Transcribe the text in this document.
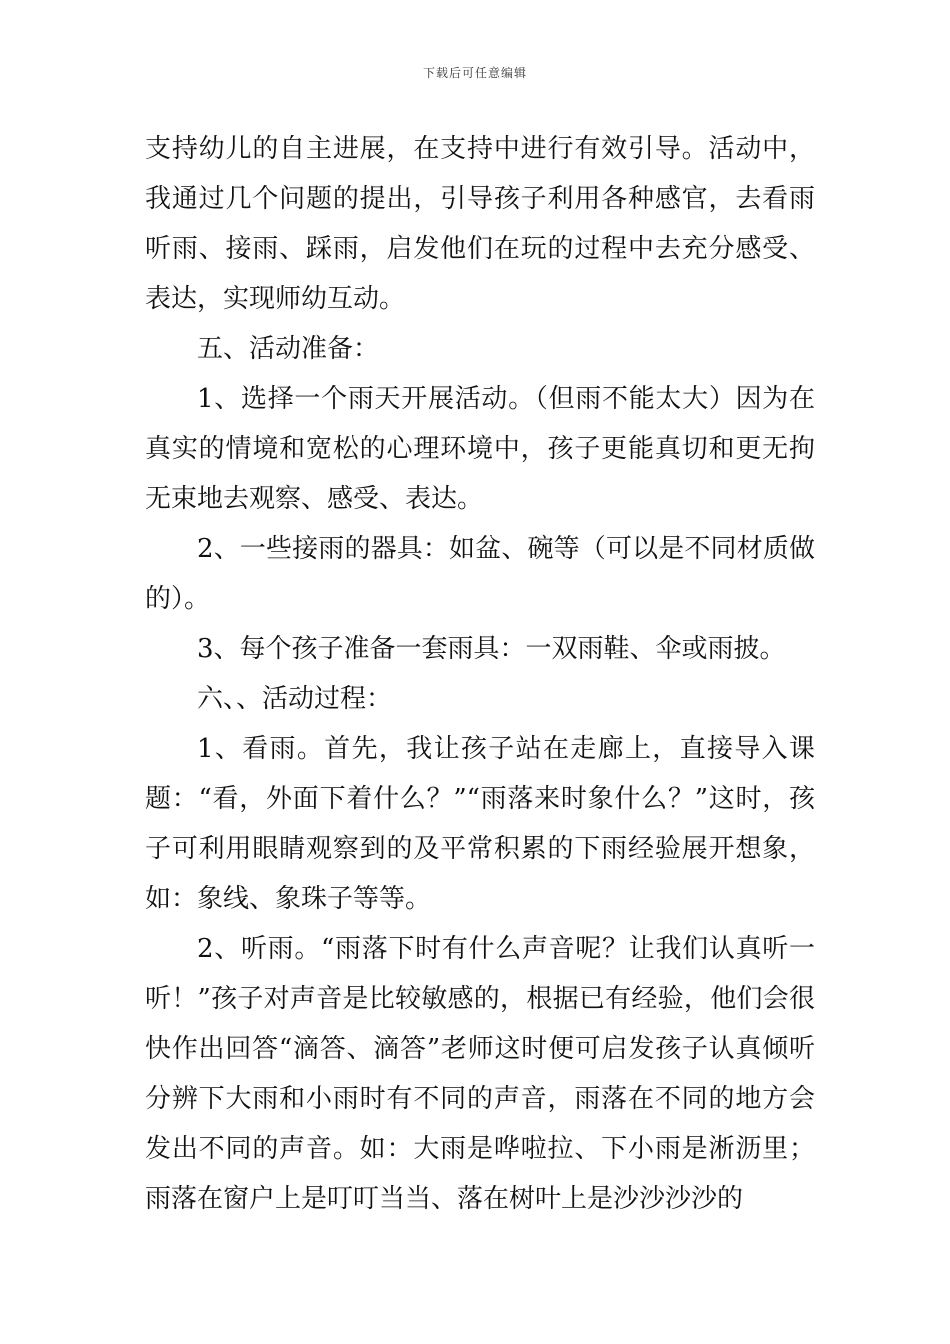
下载后可任意编辑

支持幼儿的自主进展，在支持中进行有效引导。活动中，我通过几个问题的提出，引导孩子利用各种感官，去看雨听雨、接雨、踩雨，启发他们在玩的过程中去充分感受、表达，实现师幼互动。

五、活动准备：

1、选择一个雨天开展活动。（但雨不能太大）因为在真实的情境和宽松的心理环境中，孩子更能真切和更无拘无束地去观察、感受、表达。

2、一些接雨的器具：如盆、碗等（可以是不同材质做的）。

3、每个孩子准备一套雨具：一双雨鞋、伞或雨披。

六、、活动过程：

1、看雨。首先，我让孩子站在走廊上，直接导入课题：“看，外面下着什么？”“雨落来时象什么？”这时，孩子可利用眼睛观察到的及平常积累的下雨经验展开想象，如：象线、象珠子等等。

2、听雨。“雨落下时有什么声音呢？让我们认真听一听！”孩子对声音是比较敏感的，根据已有经验，他们会很快作出回答“滴答、滴答”老师这时便可启发孩子认真倾听分辨下大雨和小雨时有不同的声音，雨落在不同的地方会发出不同的声音。如：大雨是哗啦拉、下小雨是淅沥里；雨落在窗户上是叮叮当当、落在树叶上是沙沙沙沙的
